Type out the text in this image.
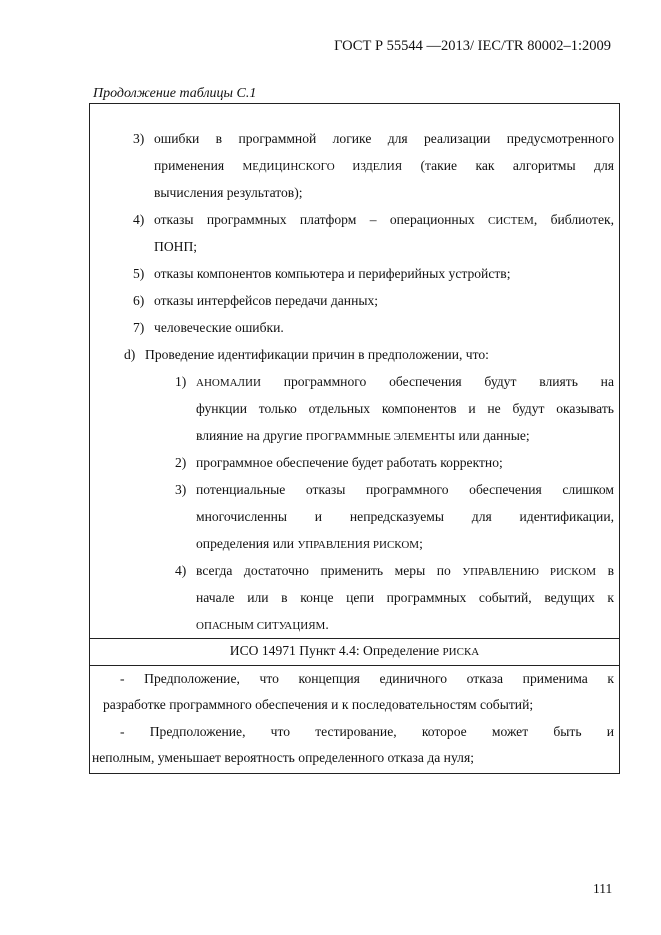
ГОСТ Р 55544 —2013/ IEC/TR 80002–1:2009
Продолжение таблицы С.1
3) ошибки в программной логике для реализации предусмотренного
применения МЕДИЦИНСКОГО ИЗДЕЛИЯ (такие как алгоритмы для
вычисления результатов);
4) отказы программных платформ – операционных СИСТЕМ, библиотек,
ПОНП;
5) отказы компонентов компьютера и периферийных устройств;
6) отказы интерфейсов передачи данных;
7) человеческие ошибки.
d) Проведение идентификации причин в предположении, что:
1) АНОМАЛИИ программного обеспечения будут влиять на
функции только отдельных компонентов и не будут оказывать
влияние на другие ПРОГРАММНЫЕ ЭЛЕМЕНТЫ или данные;
2) программное обеспечение будет работать корректно;
3) потенциальные отказы программного обеспечения слишком
многочисленны и непредсказуемы для идентификации,
определения или УПРАВЛЕНИЯ РИСКОМ;
4) всегда достаточно применить меры по УПРАВЛЕНИЮ РИСКОМ в
начале или в конце цепи программных событий, ведущих к
ОПАСНЫМ СИТУАЦИЯМ.
ИСО 14971 Пункт 4.4: Определение РИСКА
- Предположение, что концепция единичного отказа применима к
разработке программного обеспечения и к последовательностям событий;
- Предположение, что тестирование, которое может быть и
неполным, уменьшает вероятность определенного отказа да нуля;
111
